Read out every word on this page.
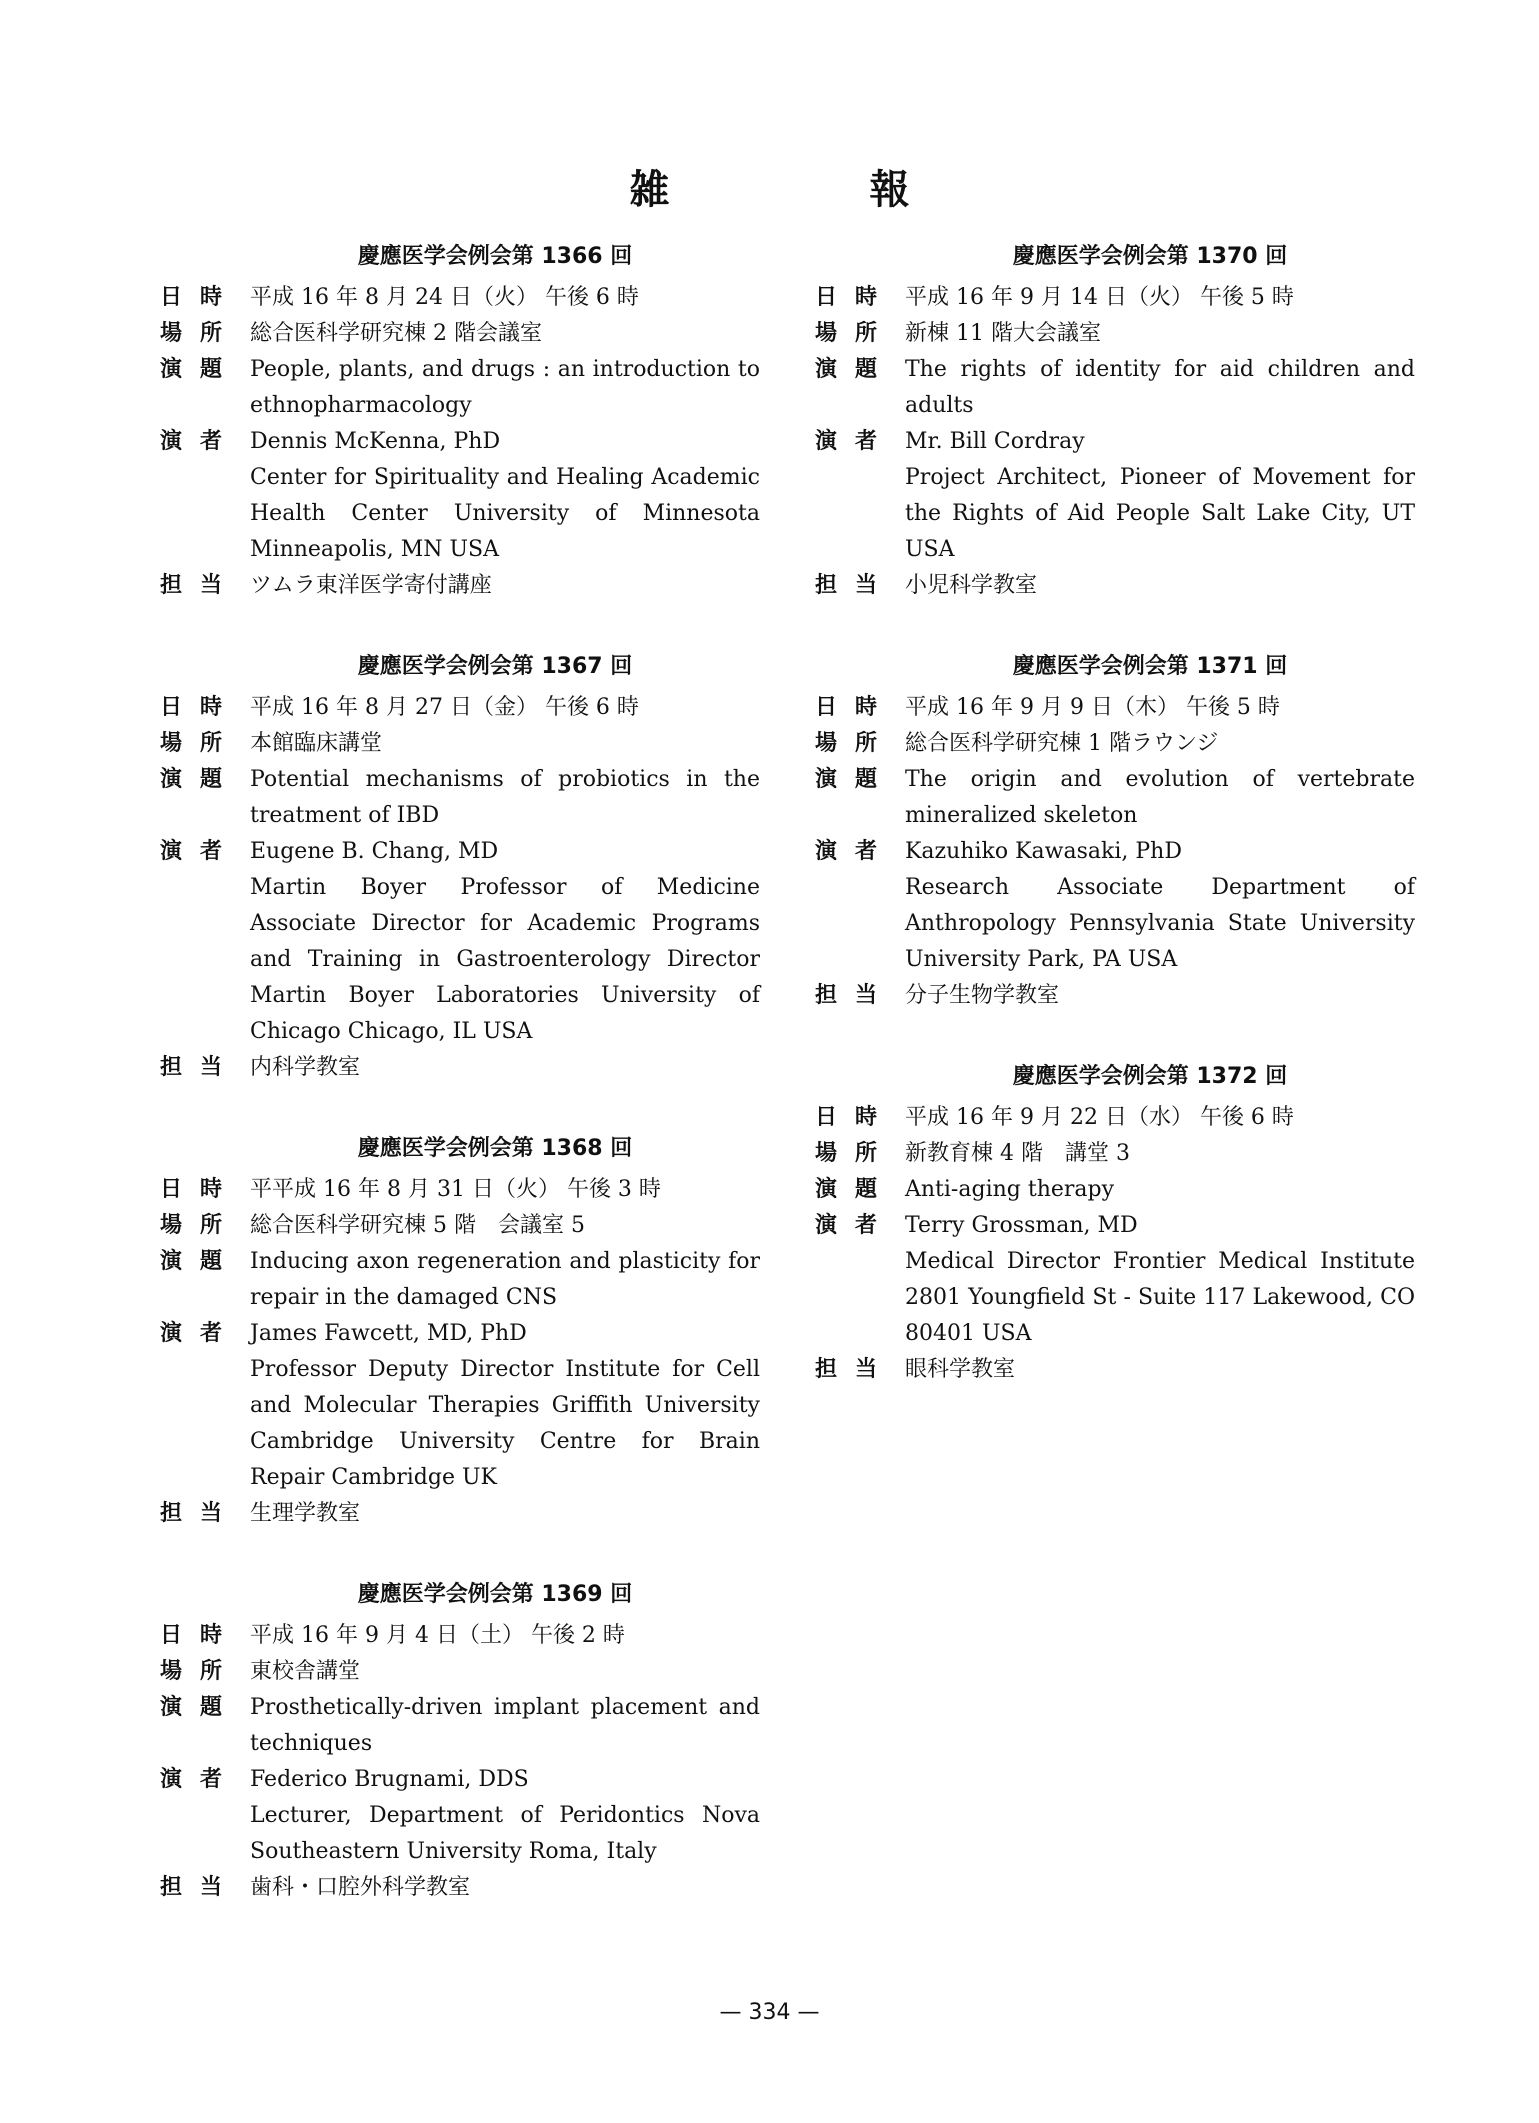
雑　報
慶應医学会例会第 1366 回
日時 平成 16 年 8 月 24 日（火） 午後 6 時
場所 総合医科学研究棟 2 階会議室
演題 People, plants, and drugs : an introduction to ethnopharmacology
演者 Dennis McKenna, PhD
Center for Spirituality and Healing Academic Health Center University of Minnesota Minneapolis, MN USA
担当 ツムラ東洋医学寄付講座
慶應医学会例会第 1367 回
日時 平成 16 年 8 月 27 日（金） 午後 6 時
場所 本館臨床講堂
演題 Potential mechanisms of probiotics in the treatment of IBD
演者 Eugene B. Chang, MD
Martin Boyer Professor of Medicine Associate Director for Academic Programs and Training in Gastroenterology Director Martin Boyer Laboratories University of Chicago Chicago, IL USA
担当 内科学教室
慶應医学会例会第 1368 回
日時 平平成 16 年 8 月 31 日（火） 午後 3 時
場所 総合医科学研究棟 5 階　会議室 5
演題 Inducing axon regeneration and plasticity for repair in the damaged CNS
演者 James Fawcett, MD, PhD
Professor Deputy Director Institute for Cell and Molecular Therapies Griffith University Cambridge University Centre for Brain Repair Cambridge UK
担当 生理学教室
慶應医学会例会第 1369 回
日時 平成 16 年 9 月 4 日（土） 午後 2 時
場所 東校舎講堂
演題 Prosthetically-driven implant placement and techniques
演者 Federico Brugnami, DDS
Lecturer, Department of Peridontics Nova Southeastern University Roma, Italy
担当 歯科・口腔外科学教室
慶應医学会例会第 1370 回
日時 平成 16 年 9 月 14 日（火） 午後 5 時
場所 新棟 11 階大会議室
演題 The rights of identity for aid children and adults
演者 Mr. Bill Cordray
Project Architect, Pioneer of Movement for the Rights of Aid People Salt Lake City, UT USA
担当 小児科学教室
慶應医学会例会第 1371 回
日時 平成 16 年 9 月 9 日（木） 午後 5 時
場所 総合医科学研究棟 1 階ラウンジ
演題 The origin and evolution of vertebrate mineralized skeleton
演者 Kazuhiko Kawasaki, PhD
Research Associate Department of Anthropology Pennsylvania State University University Park, PA USA
担当 分子生物学教室
慶應医学会例会第 1372 回
日時 平成 16 年 9 月 22 日（水） 午後 6 時
場所 新教育棟 4 階　講堂 3
演題 Anti-aging therapy
演者 Terry Grossman, MD
Medical Director Frontier Medical Institute 2801 Youngfield St - Suite 117 Lakewood, CO 80401 USA
担当 眼科学教室
— 334 —
